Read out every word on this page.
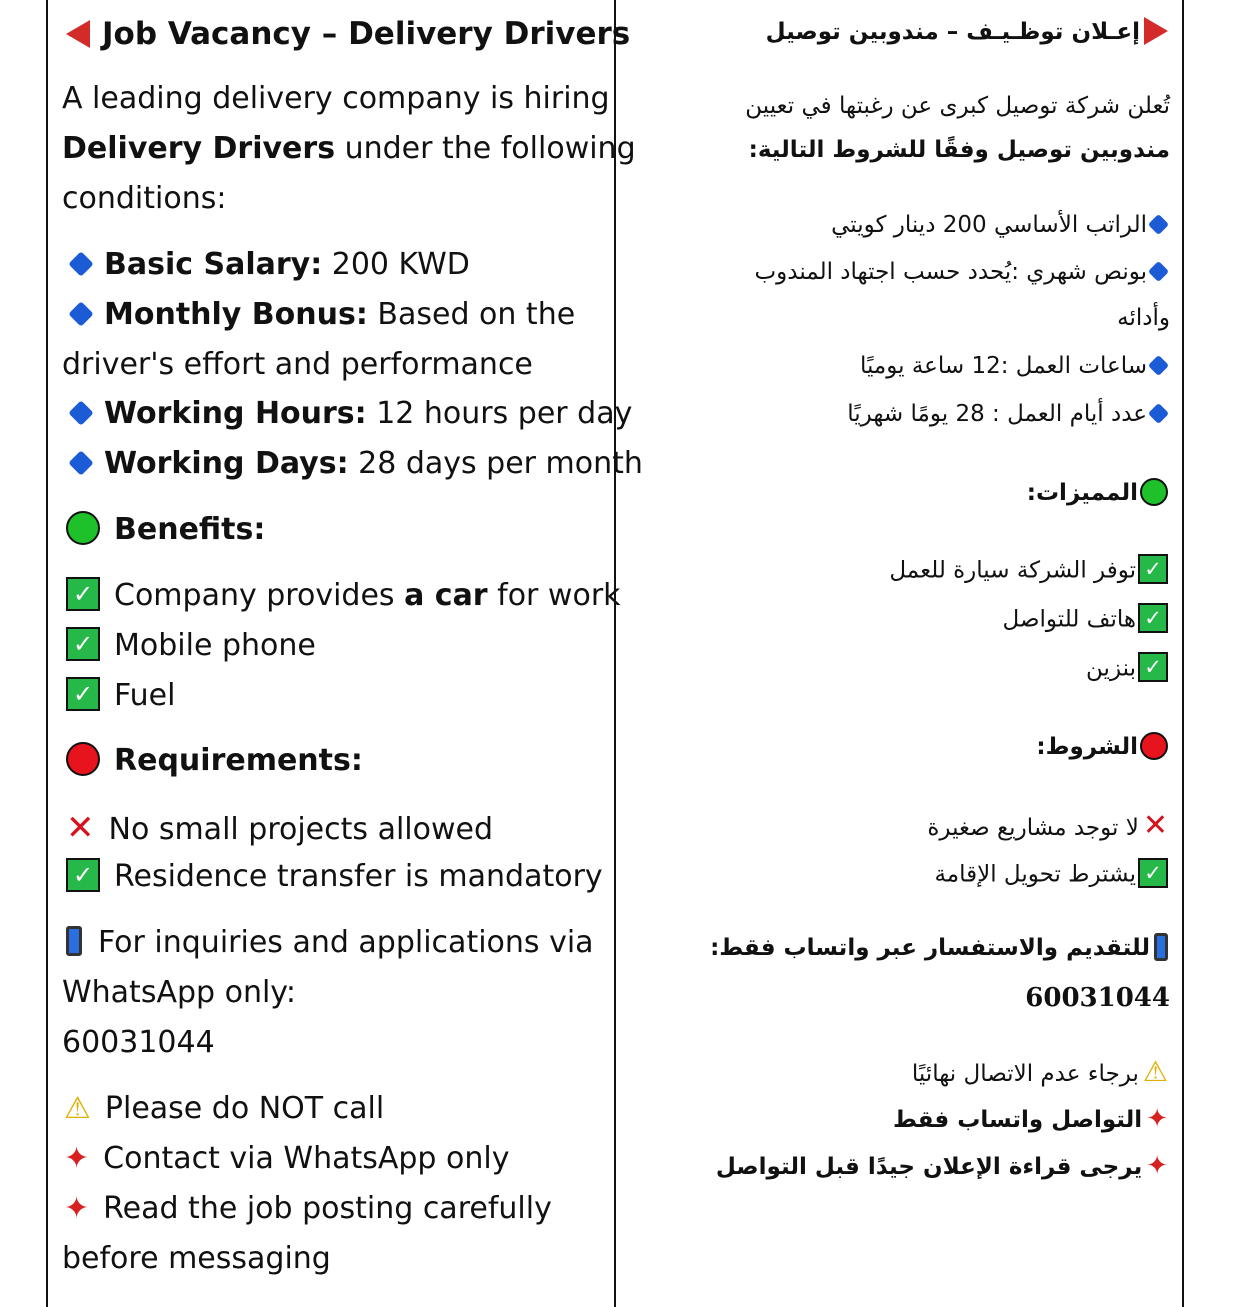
Job Vacancy – Delivery Drivers
A leading delivery company is hiring
Delivery Drivers under the following
conditions:
Basic Salary: 200 KWD
Monthly Bonus: Based on the
driver's effort and performance
Working Hours: 12 hours per day
Working Days: 28 days per month
Benefits:
✓ Company provides a car for work
✓ Mobile phone
✓ Fuel
Requirements:
✕ No small projects allowed
✓ Residence transfer is mandatory
For inquiries and applications via
WhatsApp only:
60031044
⚠ Please do NOT call
✦ Contact via WhatsApp only
✦ Read the job posting carefully
before messaging
إعـلان توظـيـف – مندوبين توصيل
تُعلن شركة توصيل كبرى عن رغبتها في تعيين
مندوبين توصيل وفقًا للشروط التالية:
الراتب الأساسي 200 دينار كويتي
بونص شهري :يُحدد حسب اجتهاد المندوب
وأدائه
ساعات العمل :12 ساعة يوميًا
عدد أيام العمل : 28 يومًا شهريًا
المميزات:
✓توفر الشركة سيارة للعمل
✓هاتف للتواصل
✓بنزين
الشروط:
✕لا توجد مشاريع صغيرة
✓يشترط تحويل الإقامة
للتقديم والاستفسار عبر واتساب فقط:
60031044
⚠برجاء عدم الاتصال نهائيًا
✦التواصل واتساب فقط
✦يرجى قراءة الإعلان جيدًا قبل التواصل
